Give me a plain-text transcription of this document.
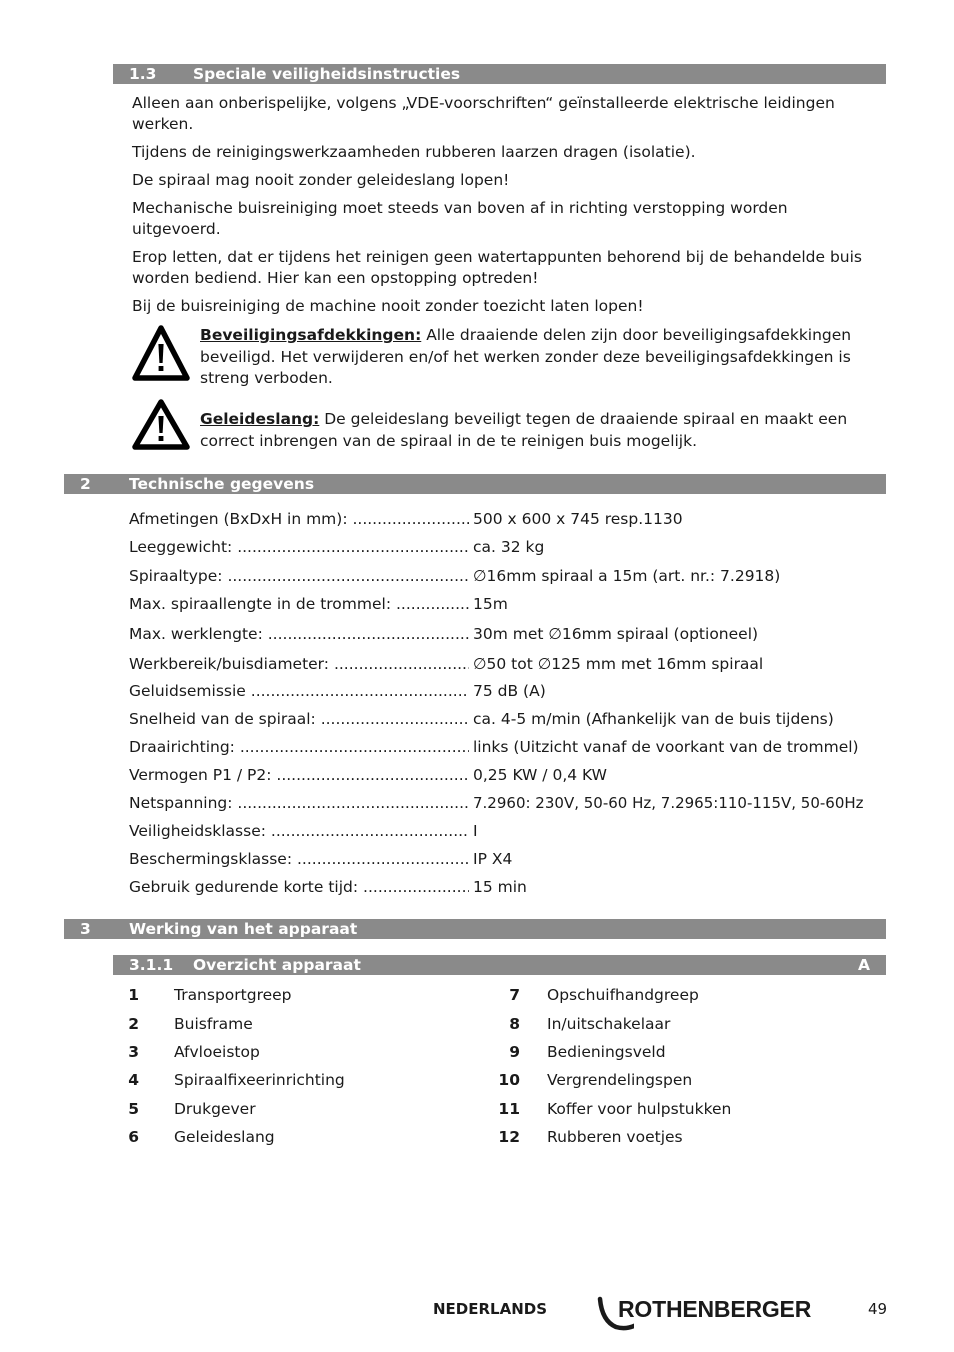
1.3 Speciale veiligheidsinstructies
Alleen aan onberispelijke, volgens „VDE-voorschriften“ geïnstalleerde elektrische leidingen werken.
Tijdens de reinigingswerkzaamheden rubberen laarzen dragen (isolatie).
De spiraal mag nooit zonder geleideslang lopen!
Mechanische buisreiniging moet steeds van boven af in richting verstopping worden uitgevoerd.
Erop letten, dat er tijdens het reinigen geen watertappunten behorend bij de behandelde buis worden bediend. Hier kan een opstopping optreden!
Bij de buisreiniging de machine nooit zonder toezicht laten lopen!
Beveiligingsafdekkingen: Alle draaiende delen zijn door beveiligingsafdekkingen beveiligd. Het verwijderen en/of het werken zonder deze beveiligingsafdekkingen is streng verboden.
Geleideslang: De geleideslang beveiligt tegen de draaiende spiraal en maakt een correct inbrengen van de spiraal in de te reinigen buis mogelijk.
2 Technische gegevens
Afmetingen (BxDxH in mm): .....	500 x 600 x 745 resp.1130
Leeggewicht: .....	ca. 32 kg
Spiraaltype: .....	∅16mm spiraal a 15m (art. nr.: 7.2918)
Max. spiraallengte in de trommel: .....	15m
Max. werklengte: .....	30m met ∅16mm spiraal (optioneel)
Werkbereik/buisdiameter: .....	∅50 tot ∅125 mm met 16mm spiraal
Geluidsemissie .....	75 dB (A)
Snelheid van de spiraal: .....	ca. 4-5 m/min (Afhankelijk van de buis tijdens)
Draairichting: .....	links (Uitzicht vanaf de voorkant van de trommel)
Vermogen P1 / P2: .....	0,25 KW / 0,4 KW
Netspanning: .....	7.2960: 230V, 50-60 Hz, 7.2965:110-115V, 50-60Hz
Veiligheidsklasse: .....	I
Beschermingsklasse: .....	IP X4
Gebruik gedurende korte tijd: .....	15 min
3 Werking van het apparaat
3.1.1 Overzicht apparaat	A
1 Transportgreep
2 Buisframe
3 Afvloeistop
4 Spiraalfixeerinrichting
5 Drukgever
6 Geleideslang
7 Opschuifhandgreep
8 In/uitschakelaar
9 Bedieningsveld
10 Vergrendelingspen
11 Koffer voor hulpstukken
12 Rubberen voetjes
NEDERLANDS	ROTHENBERGER	49
